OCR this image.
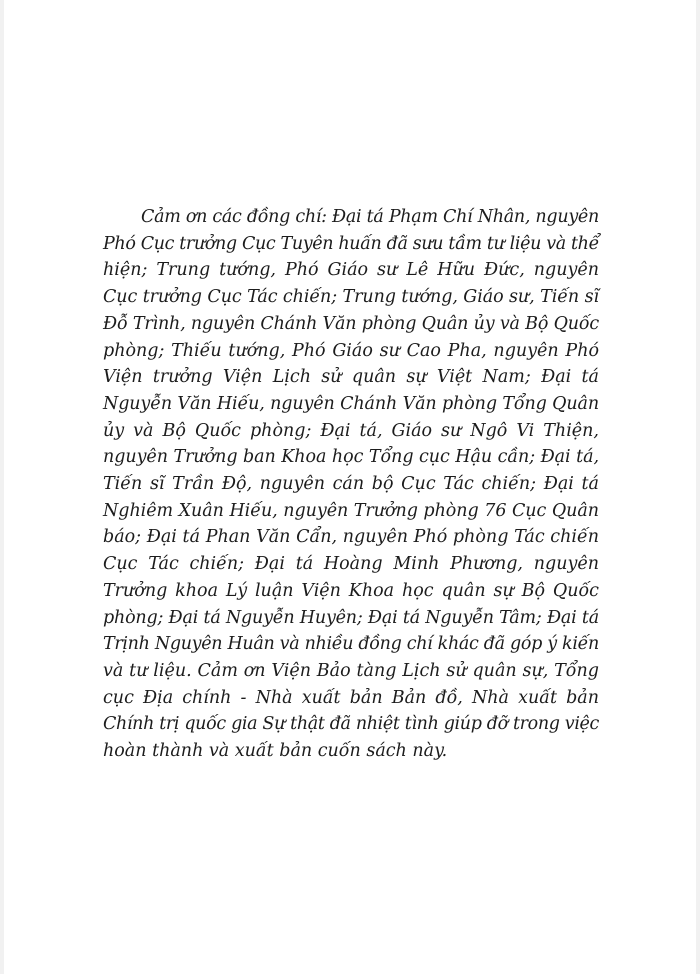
Cảm ơn các đồng chí: Đại tá Phạm Chí Nhân, nguyên
Phó Cục trưởng Cục Tuyên huấn đã sưu tầm tư liệu và thể
hiện; Trung tướng, Phó Giáo sư Lê Hữu Đức, nguyên
Cục trưởng Cục Tác chiến; Trung tướng, Giáo sư, Tiến sĩ
Đỗ Trình, nguyên Chánh Văn phòng Quân ủy và Bộ Quốc
phòng; Thiếu tướng, Phó Giáo sư Cao Pha, nguyên Phó
Viện trưởng Viện Lịch sử quân sự Việt Nam; Đại tá
Nguyễn Văn Hiếu, nguyên Chánh Văn phòng Tổng Quân
ủy và Bộ Quốc phòng; Đại tá, Giáo sư Ngô Vi Thiện,
nguyên Trưởng ban Khoa học Tổng cục Hậu cần; Đại tá,
Tiến sĩ Trần Độ, nguyên cán bộ Cục Tác chiến; Đại tá
Nghiêm Xuân Hiếu, nguyên Trưởng phòng 76 Cục Quân
báo; Đại tá Phan Văn Cẩn, nguyên Phó phòng Tác chiến
Cục Tác chiến; Đại tá Hoàng Minh Phương, nguyên
Trưởng khoa Lý luận Viện Khoa học quân sự Bộ Quốc
phòng; Đại tá Nguyễn Huyên; Đại tá Nguyễn Tâm; Đại tá
Trịnh Nguyên Huân và nhiều đồng chí khác đã góp ý kiến
và tư liệu. Cảm ơn Viện Bảo tàng Lịch sử quân sự, Tổng
cục Địa chính - Nhà xuất bản Bản đồ, Nhà xuất bản
Chính trị quốc gia Sự thật đã nhiệt tình giúp đỡ trong việc
hoàn thành và xuất bản cuốn sách này.
